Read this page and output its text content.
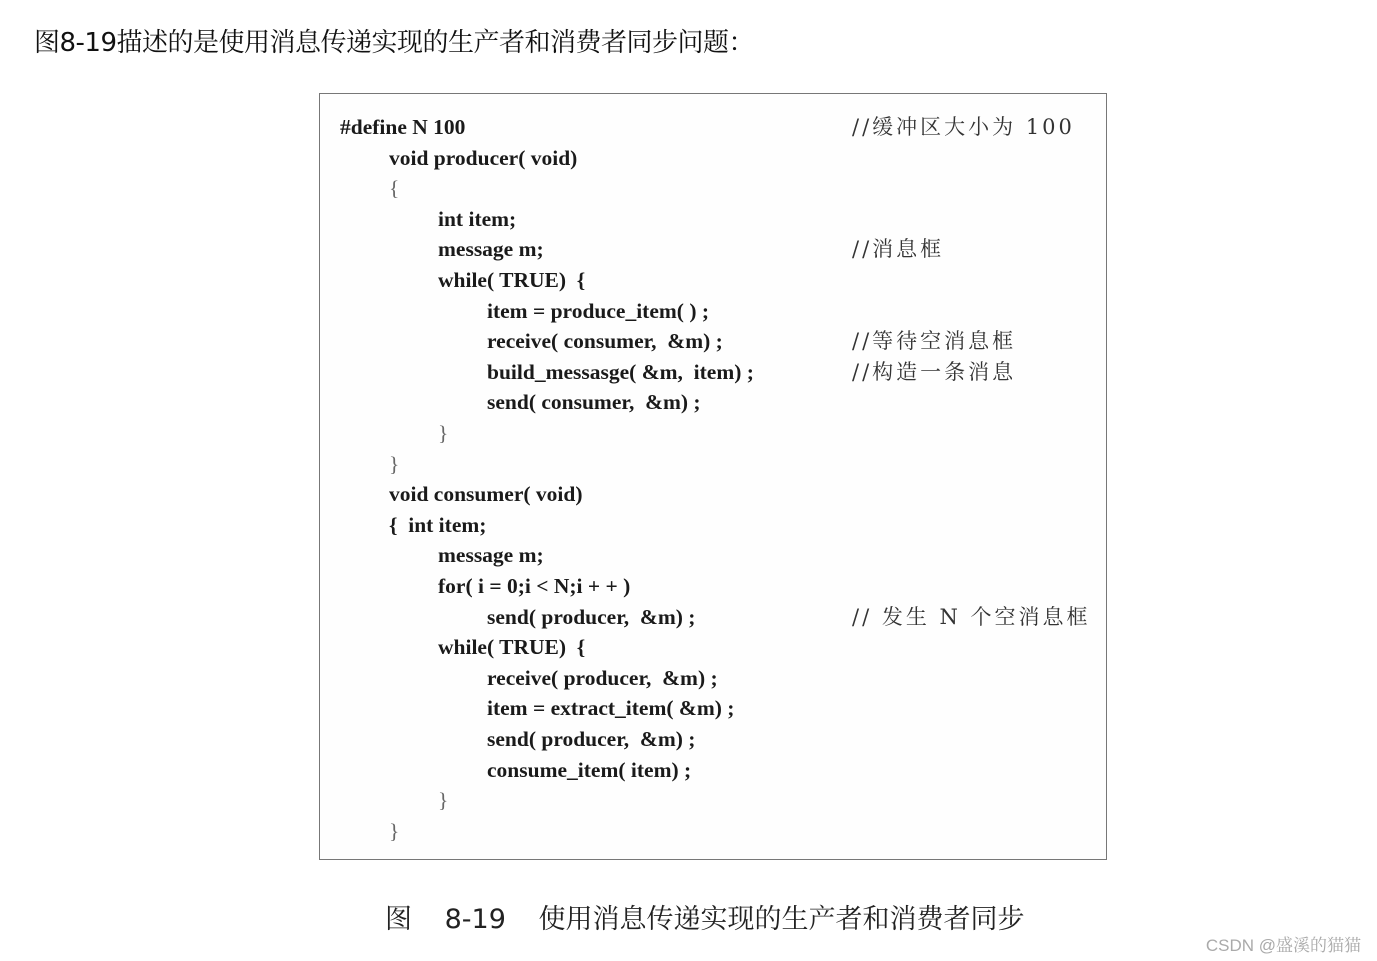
图8-19描述的是使用消息传递实现的生产者和消费者同步问题：
#define N 100	//缓冲区大小为 100
void producer( void)
{
int item;
message m;	//消息框
while( TRUE)  {
item = produce_item( ) ;
receive( consumer,  &m) ;	//等待空消息框
build_messasge( &m,  item) ;	//构造一条消息
send( consumer,  &m) ;
}
}
void consumer( void)
{  int item;
message m;
for( i = 0;i < N;i + + )
send( producer,  &m) ;	// 发生 N 个空消息框
while( TRUE)  {
receive( producer,  &m) ;
item = extract_item( &m) ;
send( producer,  &m) ;
consume_item( item) ;
}
}
图 8-19 使用消息传递实现的生产者和消费者同步
CSDN @盛溪的猫猫
